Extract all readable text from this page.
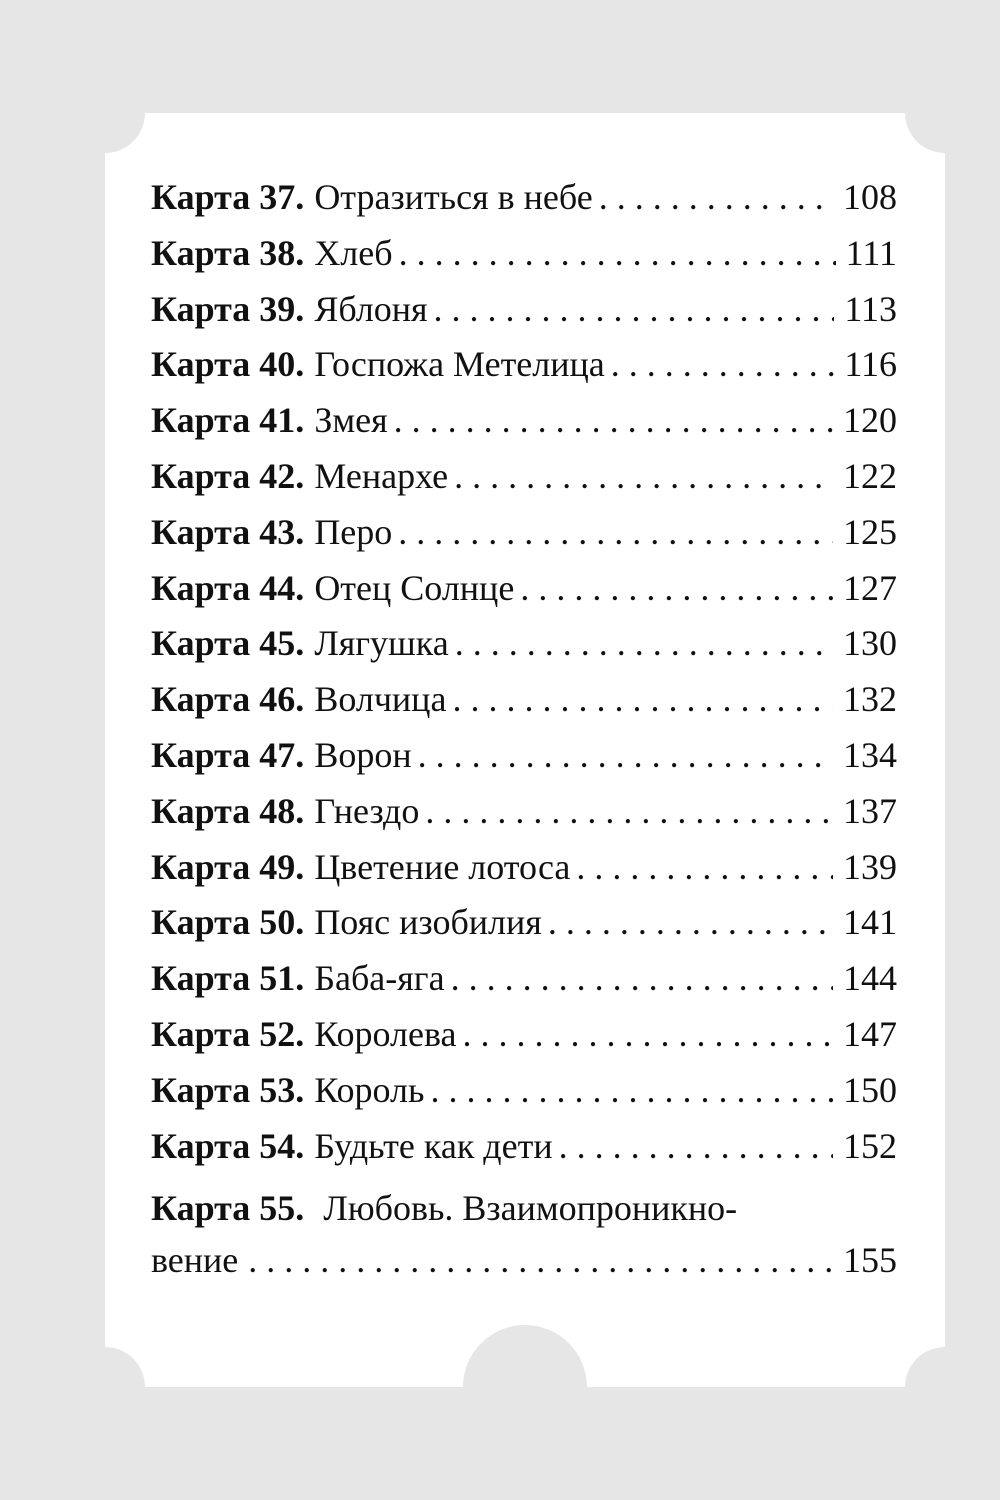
Карта 37. Отразиться в небе . . .	108
Карта 38. Хлеб . . .	111
Карта 39. Яблоня . . .	113
Карта 40. Госпожа Метелица . . .	116
Карта 41. Змея . . .	120
Карта 42. Менархе . . .	122
Карта 43. Перо . . .	125
Карта 44. Отец Солнце . . .	127
Карта 45. Лягушка . . .	130
Карта 46. Волчица . . .	132
Карта 47. Ворон . . .	134
Карта 48. Гнездо . . .	137
Карта 49. Цветение лотоса . . .	139
Карта 50. Пояс изобилия . . .	141
Карта 51. Баба-яга . . .	144
Карта 52. Королева . . .	147
Карта 53. Король . . .	150
Карта 54. Будьте как дети . . .	152
Карта 55. Любовь. Взаимопроникно-
вение . . .	155
